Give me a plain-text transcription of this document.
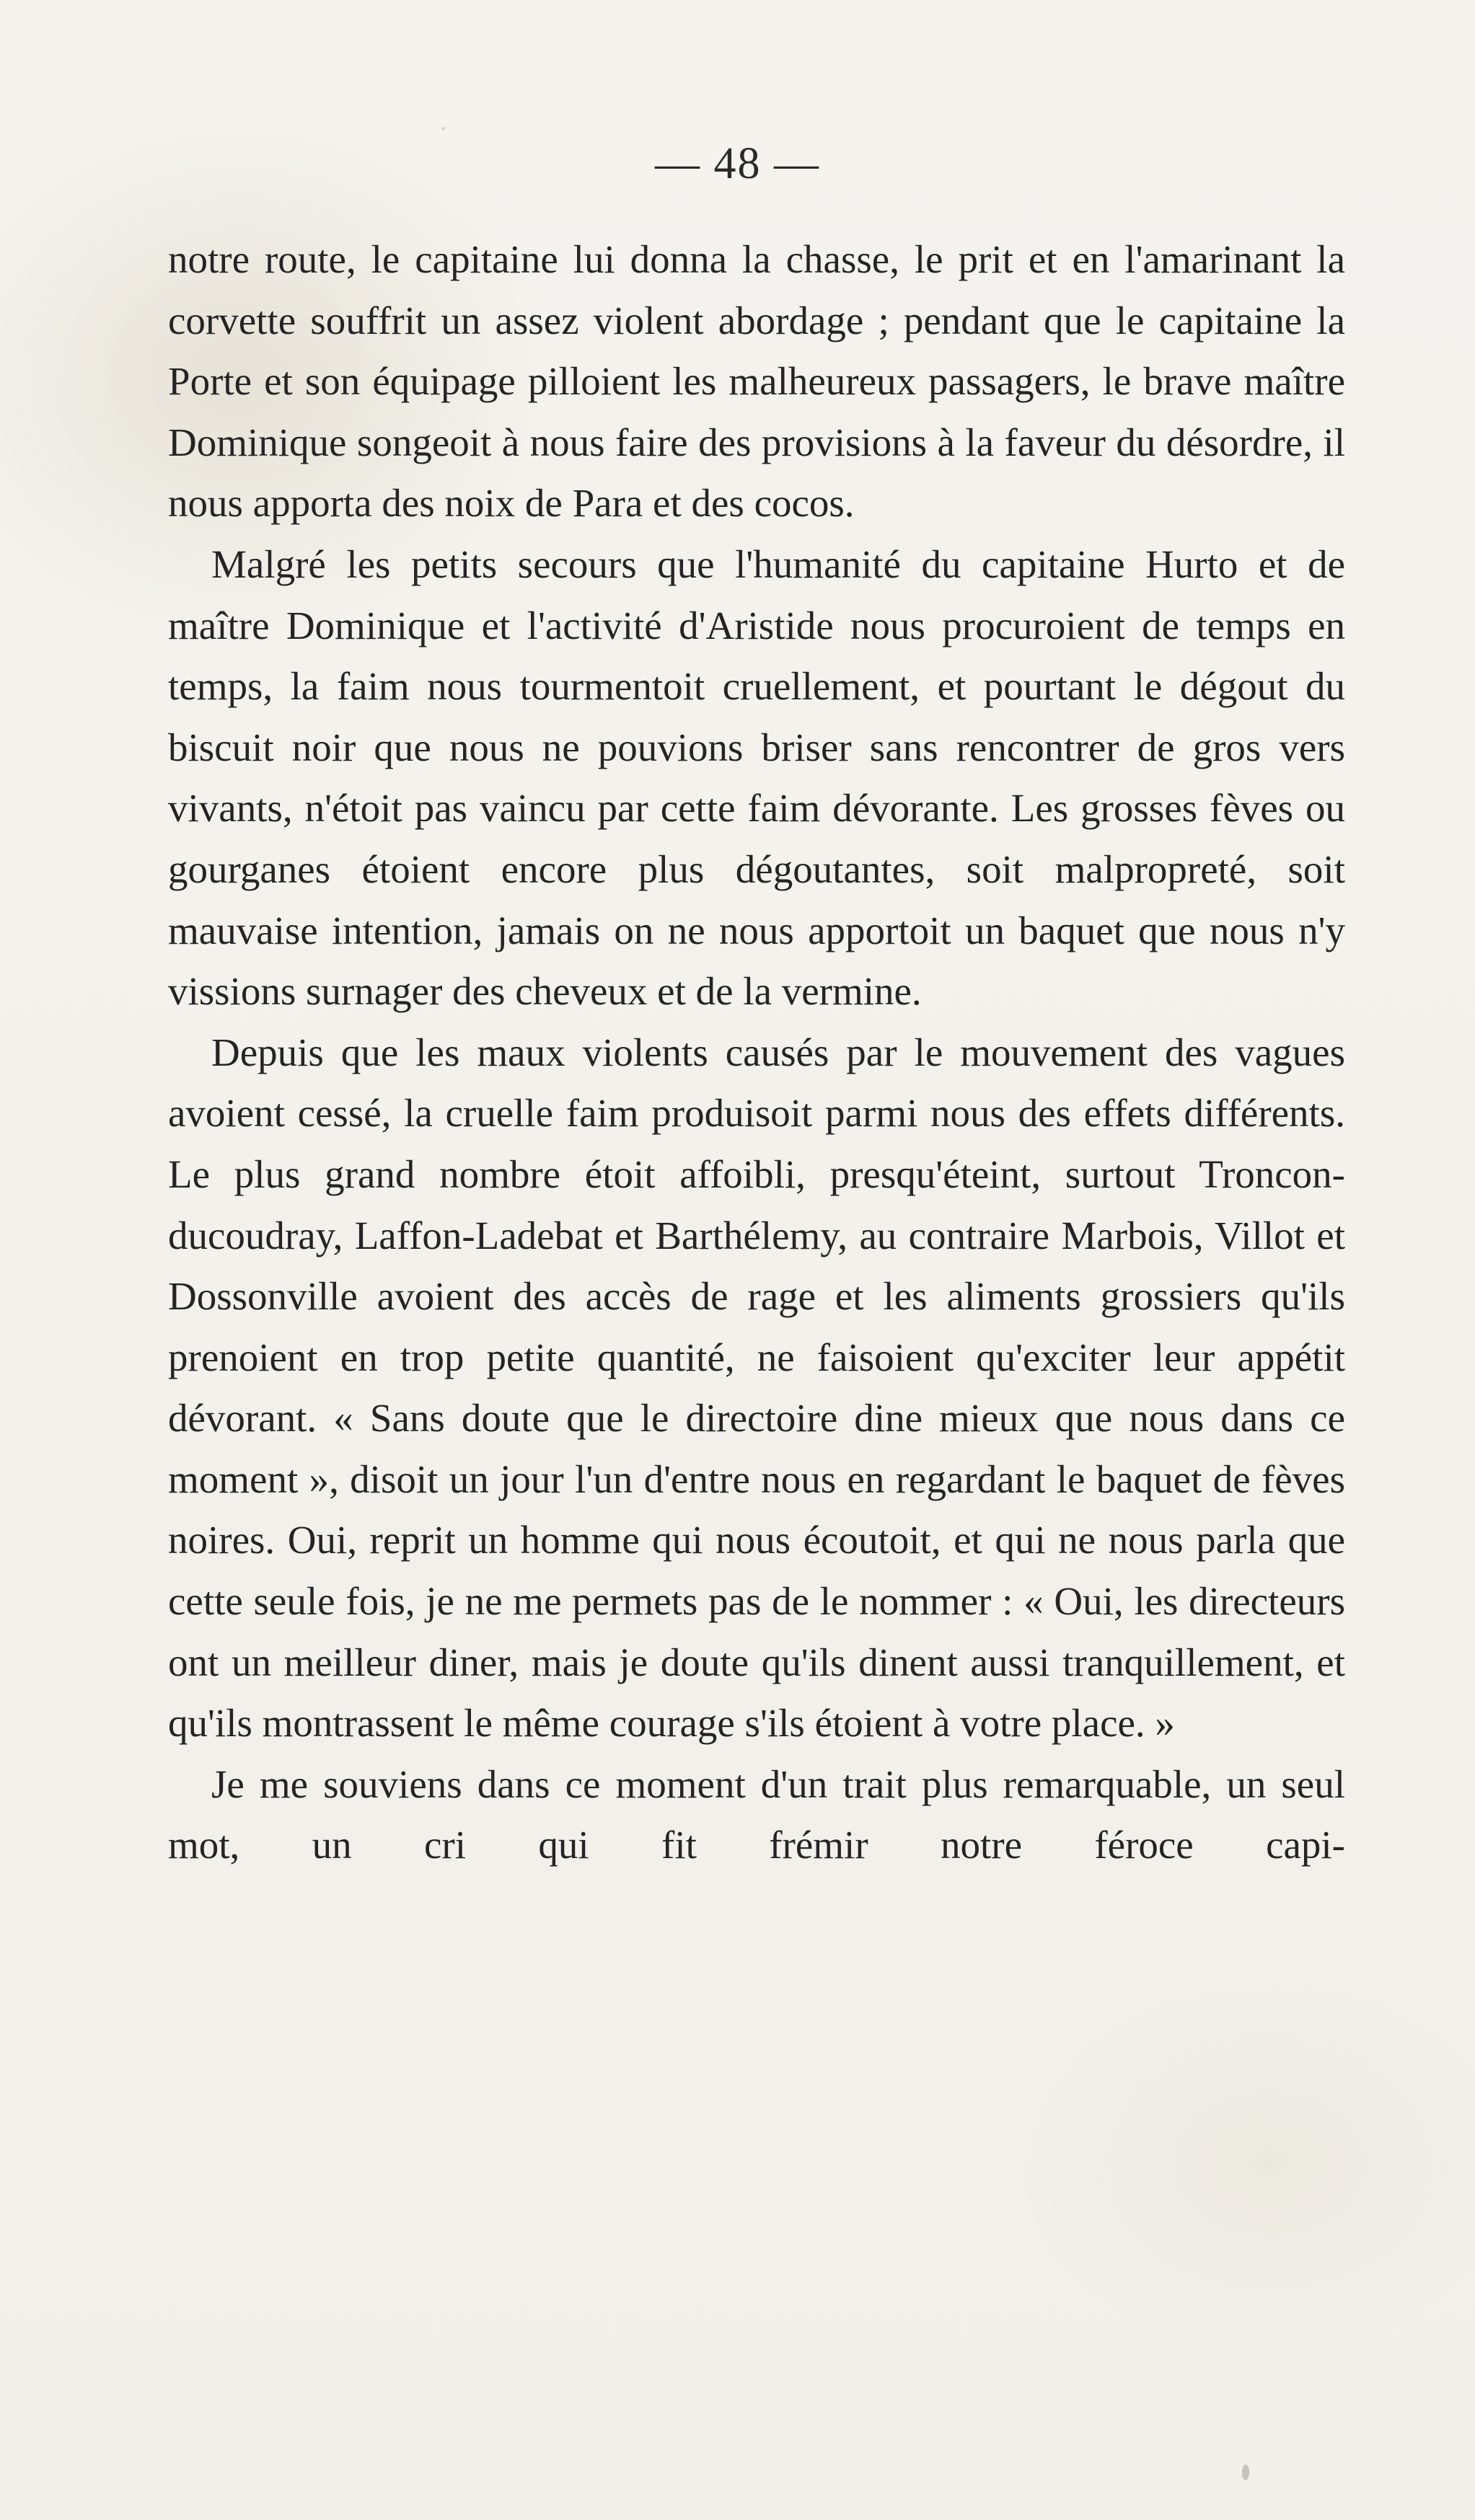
— 48 —

notre route, le capitaine lui donna la chasse, le prit et en l'amarinant la corvette souffrit un assez violent abordage ; pendant que le capitaine la Porte et son équipage pilloient les malheureux passagers, le brave maître Dominique songeoit à nous faire des provisions à la faveur du désordre, il nous apporta des noix de Para et des cocos.

Malgré les petits secours que l'humanité du capitaine Hurto et de maître Dominique et l'activité d'Aristide nous procuroient de temps en temps, la faim nous tourmentoit cruellement, et pourtant le dégout du biscuit noir que nous ne pouvions briser sans rencontrer de gros vers vivants, n'étoit pas vaincu par cette faim dévorante. Les grosses fèves ou gourganes étoient encore plus dégoutantes, soit malpropreté, soit mauvaise intention, jamais on ne nous apportoit un baquet que nous n'y vissions surnager des cheveux et de la vermine.

Depuis que les maux violents causés par le mouvement des vagues avoient cessé, la cruelle faim produisoit parmi nous des effets différents. Le plus grand nombre étoit affoibli, presqu'éteint, surtout Troncon-ducoudray, Laffon-Ladebat et Barthélemy, au contraire Marbois, Villot et Dossonville avoient des accès de rage et les aliments grossiers qu'ils prenoient en trop petite quantité, ne faisoient qu'exciter leur appétit dévorant. « Sans doute que le directoire dine mieux que nous dans ce moment », disoit un jour l'un d'entre nous en regardant le baquet de fèves noires. Oui, reprit un homme qui nous écoutoit, et qui ne nous parla que cette seule fois, je ne me permets pas de le nommer : « Oui, les directeurs ont un meilleur diner, mais je doute qu'ils dinent aussi tranquillement, et qu'ils montrassent le même courage s'ils étoient à votre place. »

Je me souviens dans ce moment d'un trait plus remarquable, un seul mot, un cri qui fit frémir notre féroce capi-
